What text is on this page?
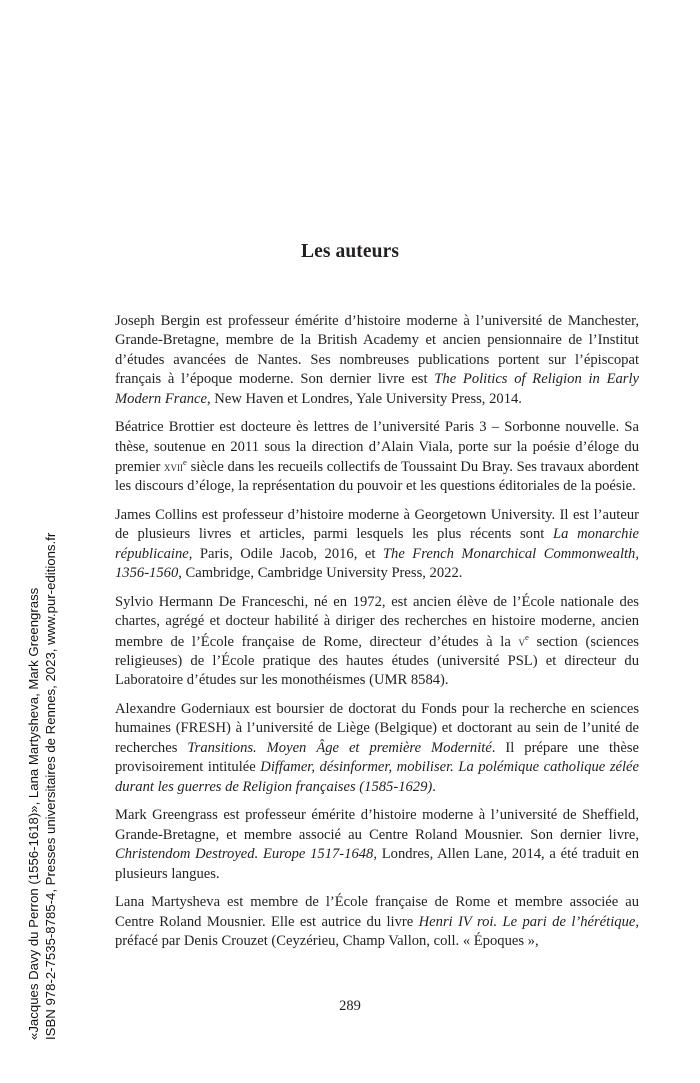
«Jacques Davy du Perron (1556-1618)», Lana Martysheva, Mark Greengrass ISBN 978-2-7535-8785-4, Presses universitaires de Rennes, 2023, www.pur-editions.fr
Les auteurs

Joseph Bergin est professeur émérite d’histoire moderne à l’université de Manchester, Grande-Bretagne, membre de la British Academy et ancien pensionnaire de l’Institut d’études avancées de Nantes. Ses nombreuses publications portent sur l’épiscopat français à l’époque moderne. Son dernier livre est The Politics of Religion in Early Modern France, New Haven et Londres, Yale University Press, 2014.

Béatrice Brottier est docteure ès lettres de l’université Paris 3 – Sorbonne nouvelle. Sa thèse, soutenue en 2011 sous la direction d’Alain Viala, porte sur la poésie d’éloge du premier xvii$^e$ siècle dans les recueils collectifs de Toussaint Du Bray. Ses travaux abordent les discours d’éloge, la représentation du pouvoir et les questions éditoriales de la poésie.

James Collins est professeur d’histoire moderne à Georgetown University. Il est l’auteur de plusieurs livres et articles, parmi lesquels les plus récents sont La monarchie républicaine, Paris, Odile Jacob, 2016, et The French Monarchical Commonwealth, 1356-1560, Cambridge, Cambridge University Press, 2022.

Sylvio Hermann De Franceschi, né en 1972, est ancien élève de l’École nationale des chartes, agrégé et docteur habilité à diriger des recherches en histoire moderne, ancien membre de l’École française de Rome, directeur d’études à la $v^e$ section (sciences religieuses) de l’École pratique des hautes études (université PSL) et directeur du Laboratoire d’études sur les monothéismes (UMR 8584).

Alexandre Goderniaux est boursier de doctorat du Fonds pour la recherche en sciences humaines (FRESH) à l’université de Liège (Belgique) et doctorant au sein de l’unité de recherches Transitions. Moyen Âge et première Modernité. Il prépare une thèse provisoirement intitulée Diffamer, désinformer, mobiliser. La polémique catholique zélée durant les guerres de Religion françaises (1585-1629).

Mark Greengrass est professeur émérite d’histoire moderne à l’université de Sheffield, Grande-Bretagne, et membre associé au Centre Roland Mousnier. Son dernier livre, Christendom Destroyed. Europe 1517-1648, Londres, Allen Lane, 2014, a été traduit en plusieurs langues.

Lana Martysheva est membre de l’École française de Rome et membre associée au Centre Roland Mousnier. Elle est autrice du livre Henri IV roi. Le pari de l’hérétique, préfacé par Denis Crouzet (Ceyzérieu, Champ Vallon, coll. « Époques »,

289
